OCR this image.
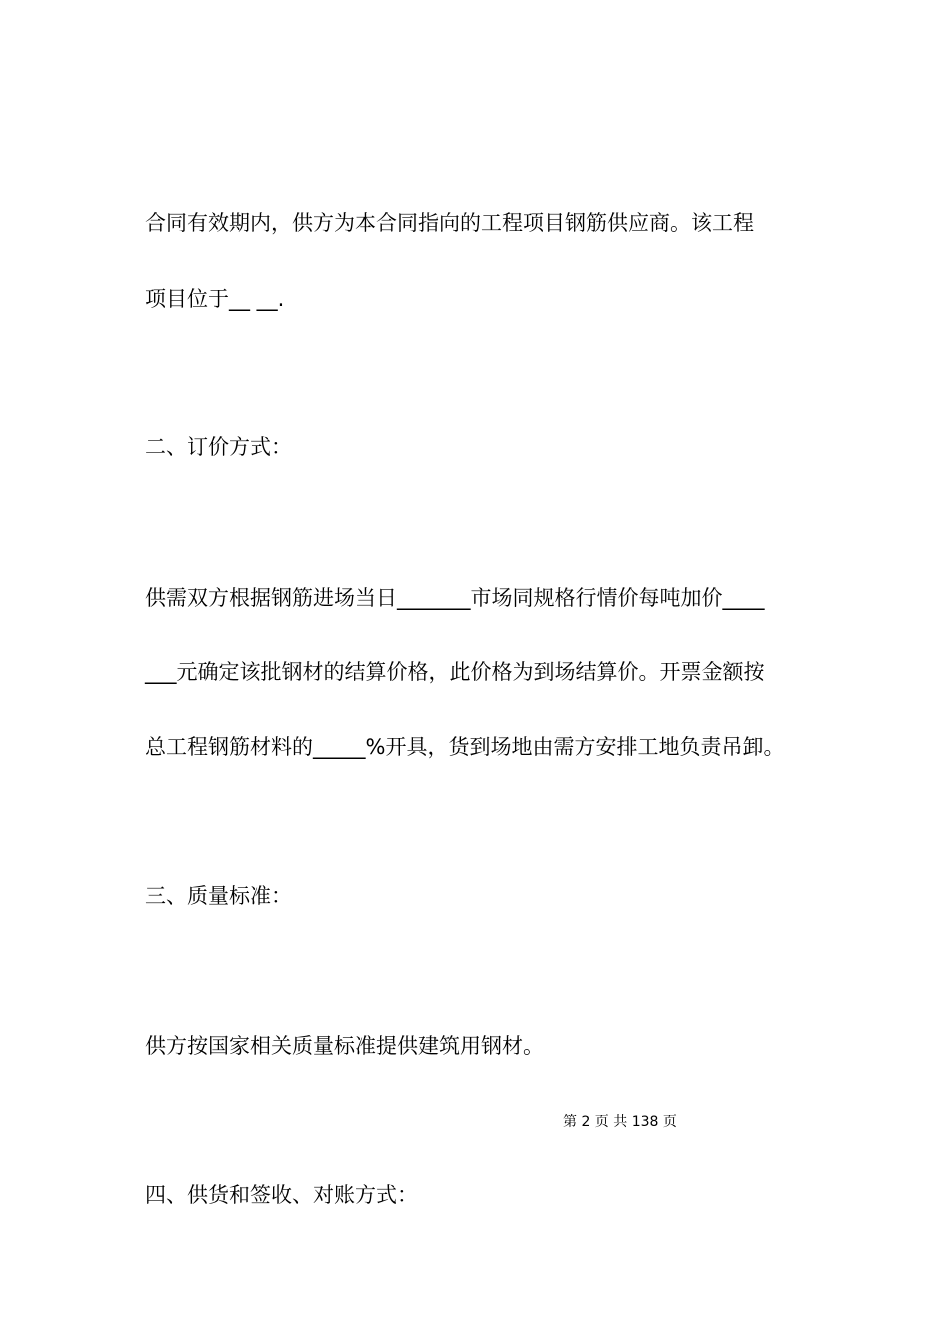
合同有效期内，供方为本合同指向的工程项目钢筋供应商。该工程
项目位于__ __.
二、订价方式：
供需双方根据钢筋进场当日_______市场同规格行情价每吨加价____
___元确定该批钢材的结算价格，此价格为到场结算价。开票金额按
总工程钢筋材料的_____%开具，货到场地由需方安排工地负责吊卸。
三、质量标准：
供方按国家相关质量标准提供建筑用钢材。
第 2 页 共 138 页
四、供货和签收、对账方式：
